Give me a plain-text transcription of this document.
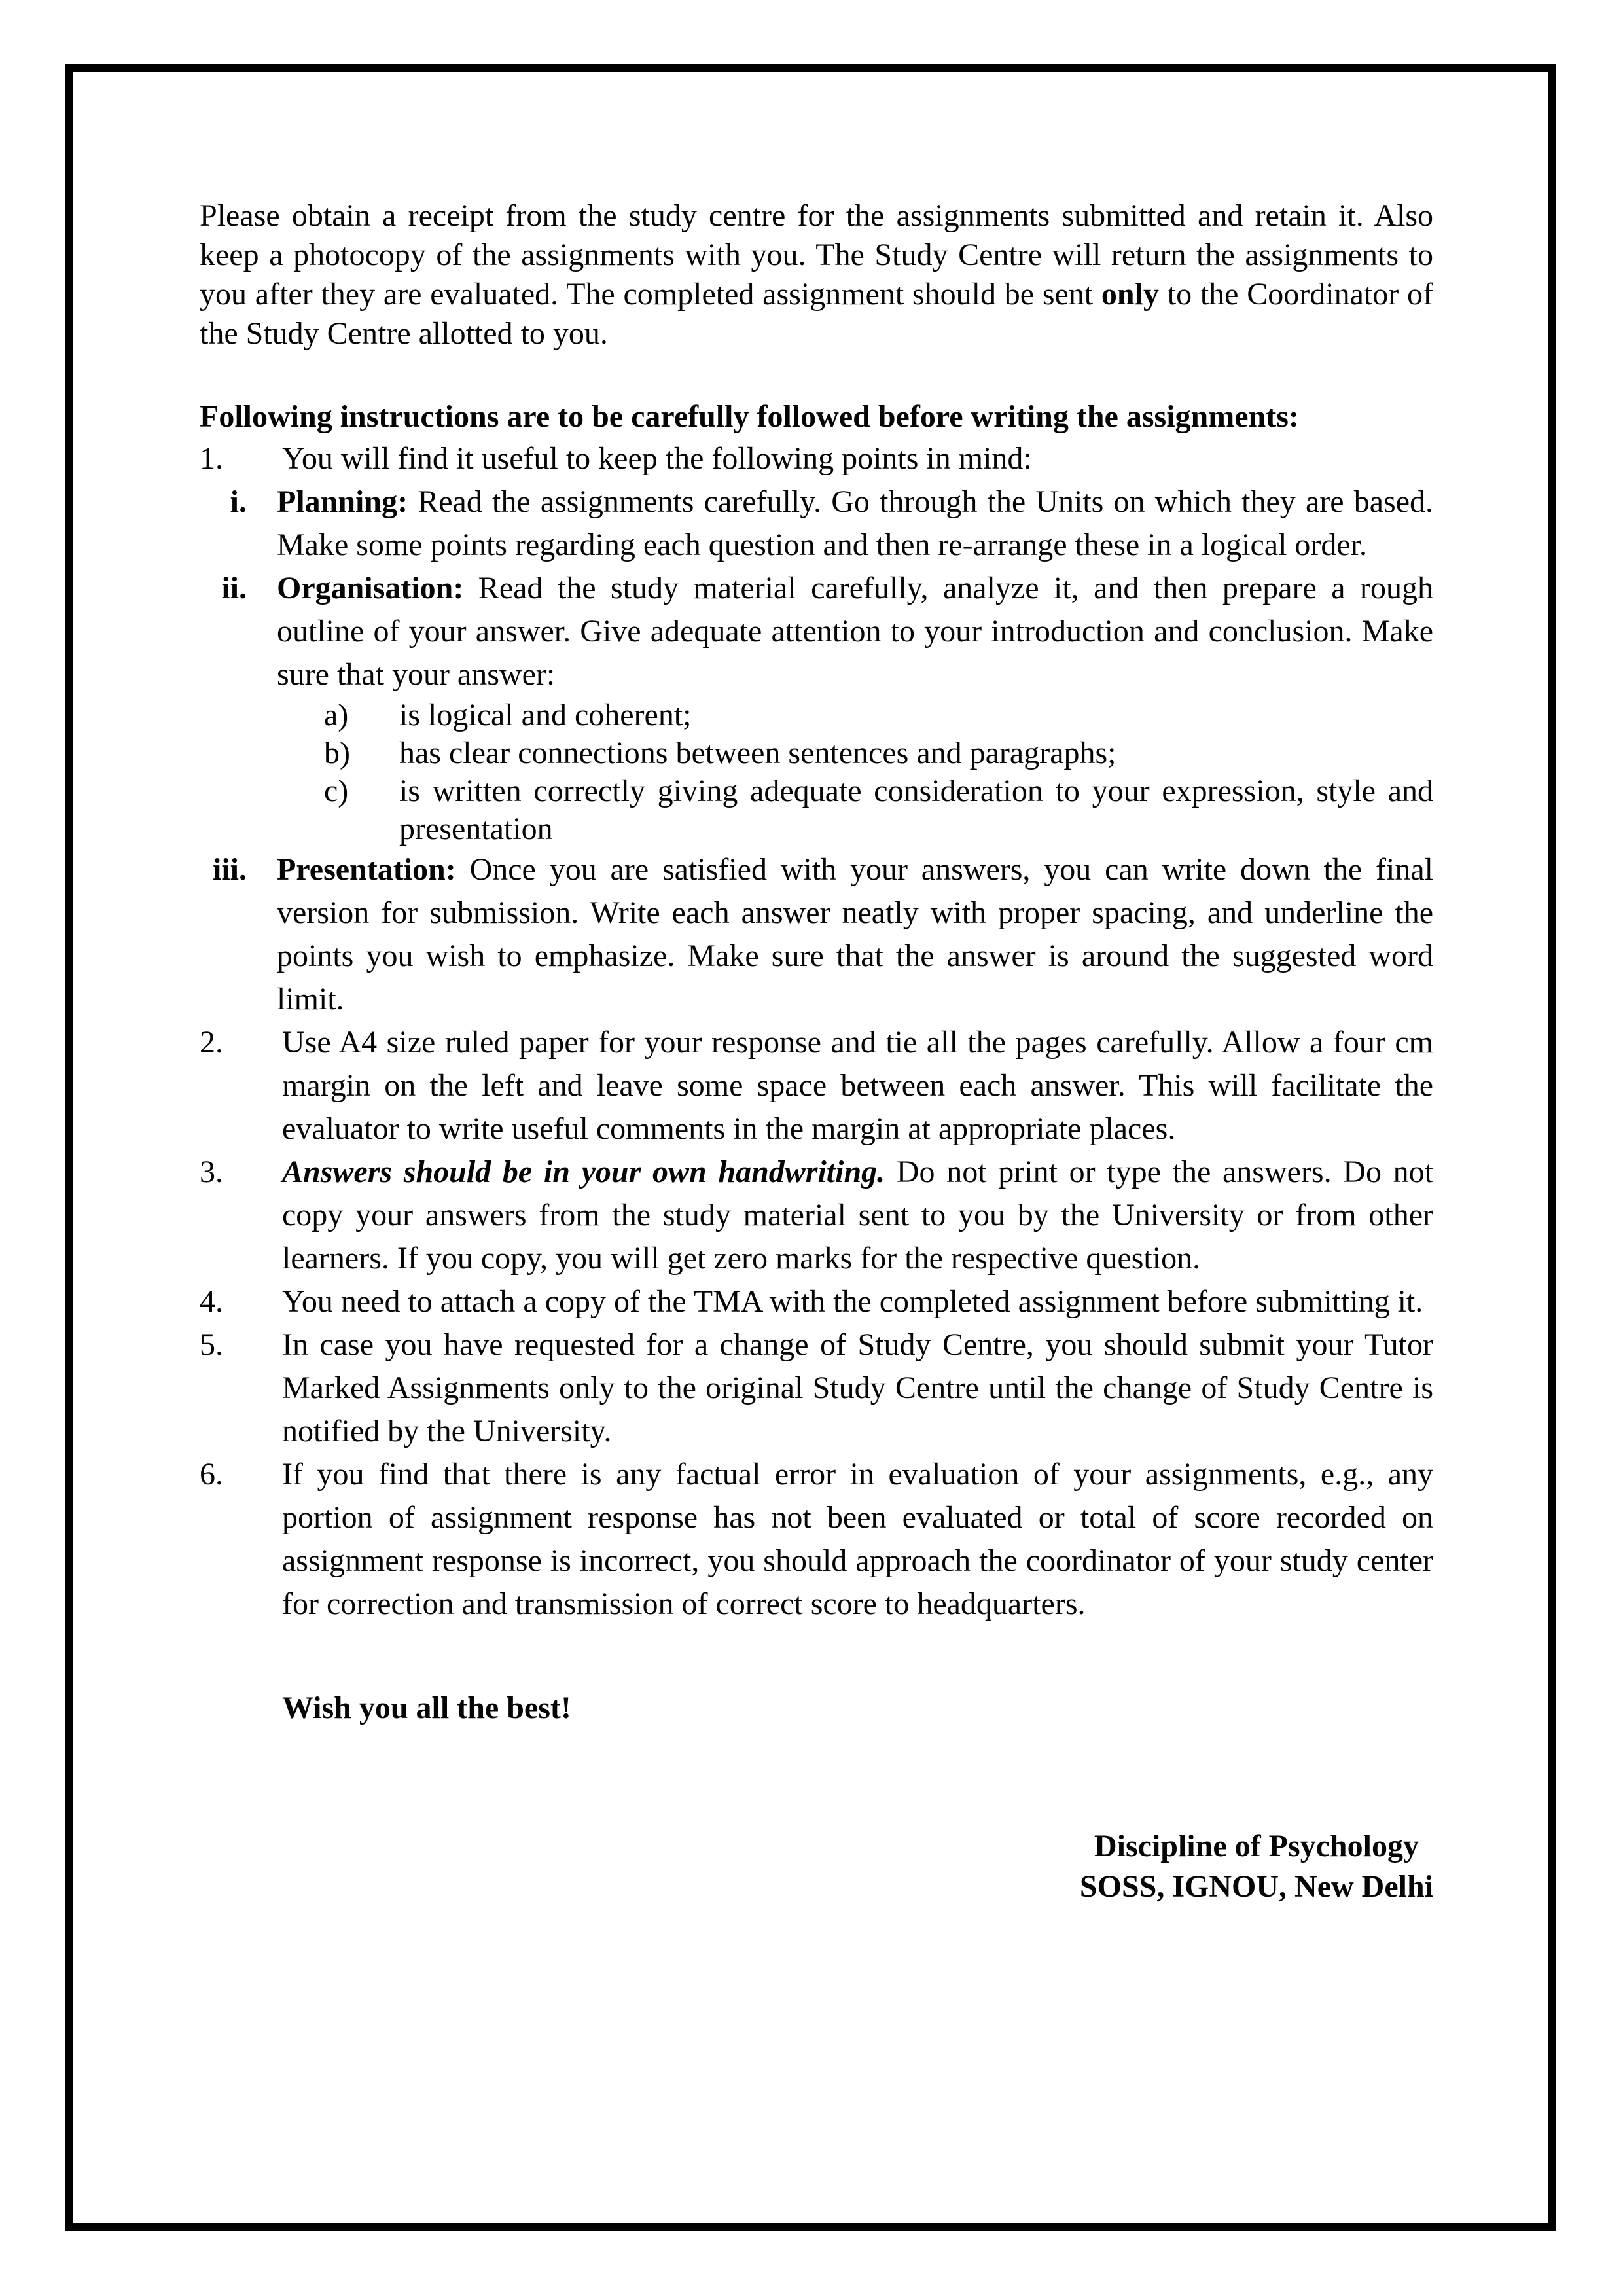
Please obtain a receipt from the study centre for the assignments submitted and retain it. Also keep a photocopy of the assignments with you. The Study Centre will return the assignments to you after they are evaluated. The completed assignment should be sent only to the Coordinator of the Study Centre allotted to you.

Following instructions are to be carefully followed before writing the assignments:

1.	You will find it useful to keep the following points in mind:
i. Planning: Read the assignments carefully. Go through the Units on which they are based. Make some points regarding each question and then re-arrange these in a logical order.
ii. Organisation: Read the study material carefully, analyze it, and then prepare a rough outline of your answer. Give adequate attention to your introduction and conclusion. Make sure that your answer:
a)	is logical and coherent;
b)	has clear connections between sentences and paragraphs;
c)	is written correctly giving adequate consideration to your expression, style and presentation
iii. Presentation: Once you are satisfied with your answers, you can write down the final version for submission. Write each answer neatly with proper spacing, and underline the points you wish to emphasize. Make sure that the answer is around the suggested word limit.
2.	Use A4 size ruled paper for your response and tie all the pages carefully. Allow a four cm margin on the left and leave some space between each answer. This will facilitate the evaluator to write useful comments in the margin at appropriate places.
3.	Answers should be in your own handwriting. Do not print or type the answers. Do not copy your answers from the study material sent to you by the University or from other learners. If you copy, you will get zero marks for the respective question.
4.	You need to attach a copy of the TMA with the completed assignment before submitting it.
5.	In case you have requested for a change of Study Centre, you should submit your Tutor Marked Assignments only to the original Study Centre until the change of Study Centre is notified by the University.
6.	If you find that there is any factual error in evaluation of your assignments, e.g., any portion of assignment response has not been evaluated or total of score recorded on assignment response is incorrect, you should approach the coordinator of your study center for correction and transmission of correct score to headquarters.

Wish you all the best!

Discipline of Psychology
SOSS, IGNOU, New Delhi
